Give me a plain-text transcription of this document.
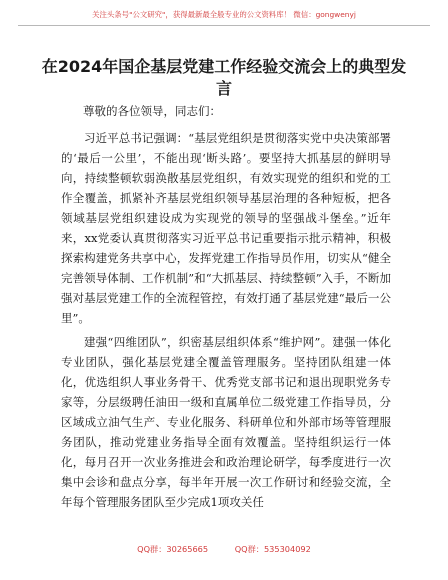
关注头条号"公文研究"，获得最新最全般专业的公文资料库！ 微信：gongwenyj
在2024年国企基层党建工作经验交流会上的典型发言

尊敬的各位领导，同志们：

习近平总书记强调：“基层党组织是贯彻落实党中央决策部署的‘最后一公里’，不能出现‘断头路’。要坚持大抓基层的鲜明导向，持续整顿软弱涣散基层党组织，有效实现党的组织和党的工作全覆盖，抓紧补齐基层党组织领导基层治理的各种短板，把各领域基层党组织建设成为实现党的领导的坚强战斗堡垒。”近年来，xx党委认真贯彻落实习近平总书记重要指示批示精神，积极探索构建党务共享中心，发挥党建工作指导员作用，切实从“健全完善领导体制、工作机制”和“大抓基层、持续整顿”入手，不断加强对基层党建工作的全流程管控，有效打通了基层党建“最后一公里”。

建强“四维团队”，织密基层组织体系“维护网”。建强一体化专业团队，强化基层党建全覆盖管理服务。坚持团队组建一体化，优选组织人事业务骨干、优秀党支部书记和退出现职党务专家等，分层级聘任油田一级和直属单位二级党建工作指导员，分区域成立油气生产、专业化服务、科研单位和外部市场等管理服务团队，推动党建业务指导全面有效覆盖。坚持组织运行一体化，每月召开一次业务推进会和政治理论研学，每季度进行一次集中会诊和盘点分享，每半年开展一次工作研讨和经验交流，全年每个管理服务团队至少完成1项攻关任

QQ群：30265665	QQ群：535304092
